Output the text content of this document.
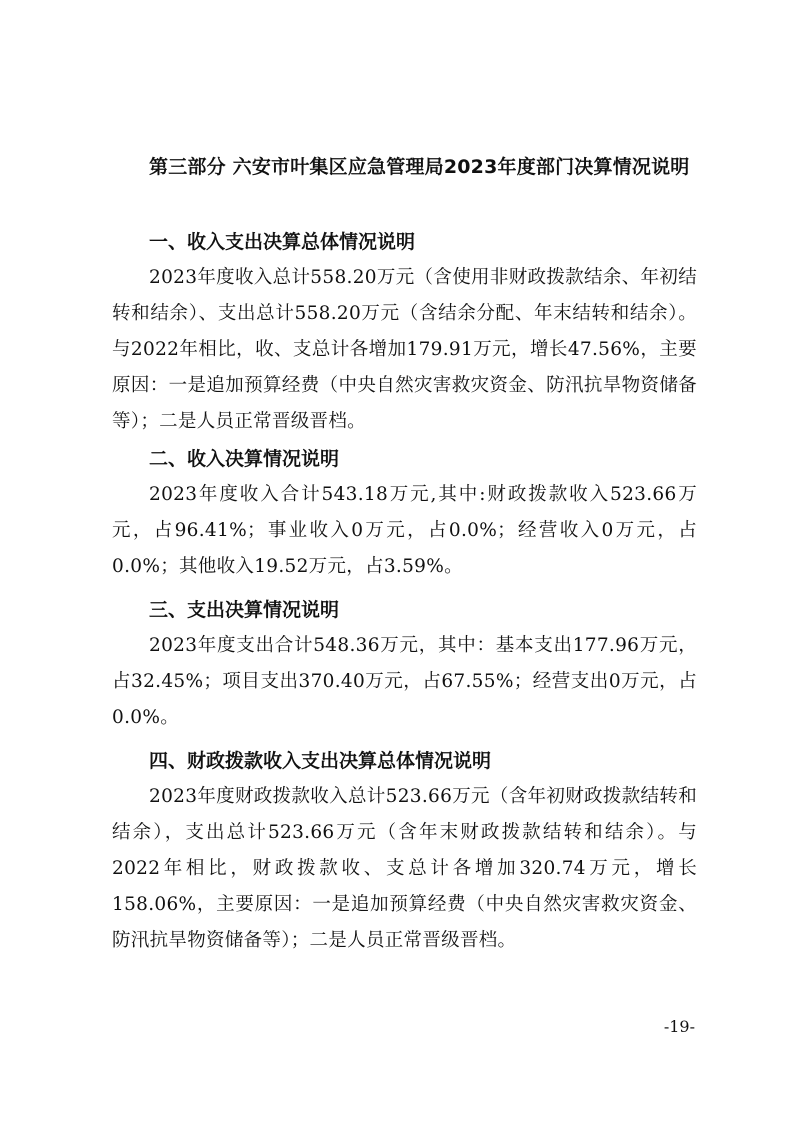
第三部分 六安市叶集区应急管理局2023年度部门决算情况说明
一、收入支出决算总体情况说明
2023年度收入总计558.20万元（含使用非财政拨款结余、年初结转和结余）、支出总计558.20万元（含结余分配、年末结转和结余）。与2022年相比，收、支总计各增加179.91万元，增长47.56%，主要原因：一是追加预算经费（中央自然灾害救灾资金、防汛抗旱物资储备等）；二是人员正常晋级晋档。
二、收入决算情况说明
2023年度收入合计543.18万元,其中:财政拨款收入523.66万元，占96.41%；事业收入0万元，占0.0%；经营收入0万元，占0.0%；其他收入19.52万元，占3.59%。
三、支出决算情况说明
2023年度支出合计548.36万元，其中：基本支出177.96万元，占32.45%；项目支出370.40万元，占67.55%；经营支出0万元，占0.0%。
四、财政拨款收入支出决算总体情况说明
2023年度财政拨款收入总计523.66万元（含年初财政拨款结转和结余），支出总计523.66万元（含年末财政拨款结转和结余）。与2022年相比，财政拨款收、支总计各增加320.74万元，增长158.06%，主要原因：一是追加预算经费（中央自然灾害救灾资金、防汛抗旱物资储备等）；二是人员正常晋级晋档。
-19-
